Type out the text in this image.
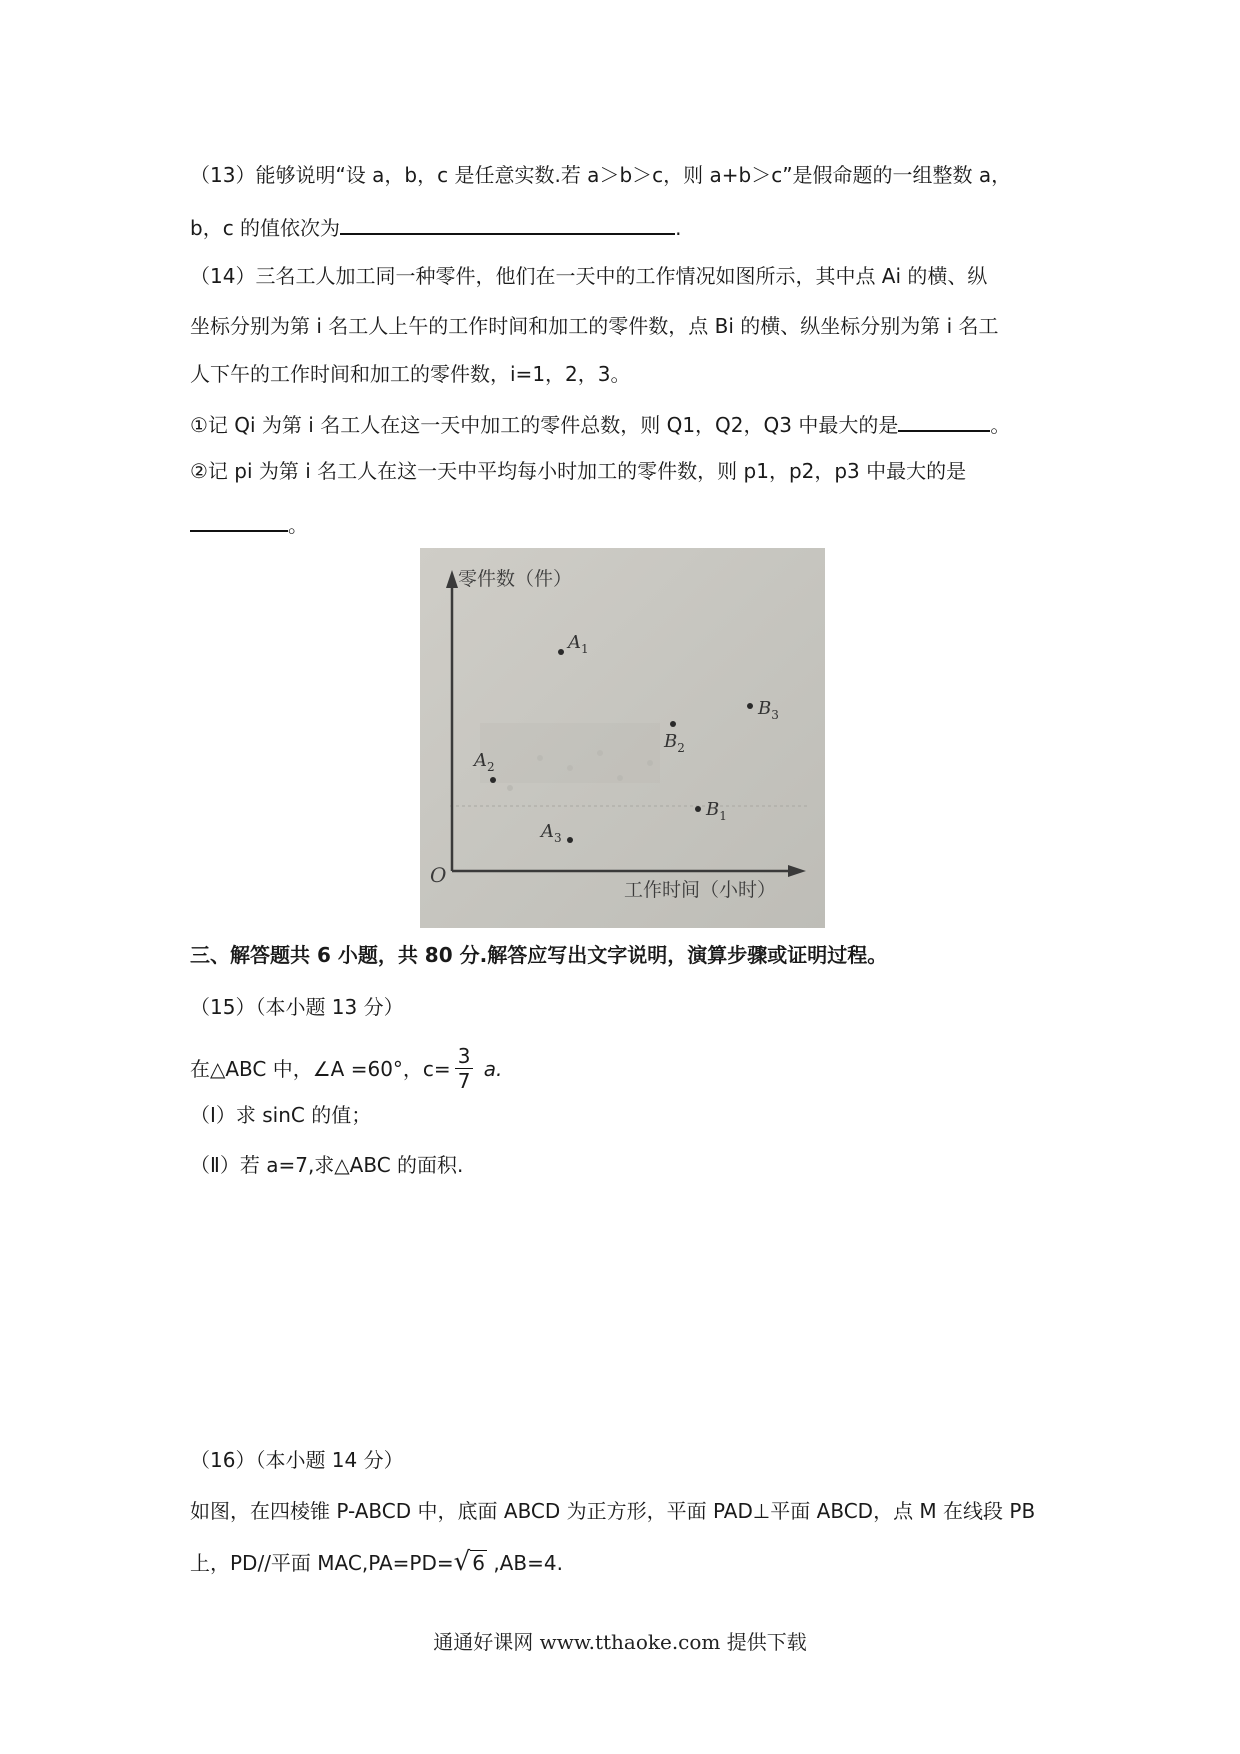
（13）能够说明“设 a，b，c 是任意实数.若 a＞b＞c，则 a+b＞c”是假命题的一组整数 a，
b，c 的值依次为	.
（14）三名工人加工同一种零件，他们在一天中的工作情况如图所示，其中点 Ai 的横、纵
坐标分别为第 i 名工人上午的工作时间和加工的零件数，点 Bi 的横、纵坐标分别为第 i 名工
人下午的工作时间和加工的零件数，i=1，2，3。
①记 Qi 为第 i 名工人在这一天中加工的零件总数，则 Q1，Q2，Q3 中最大的是	。
②记 pi 为第 i 名工人在这一天中平均每小时加工的零件数，则 p1，p2，p3 中最大的是
。
零件数（件）
工作时间（小时）
O
$A_1$
$A_2$
$A_3$
$B_1$
$B_2$
$B_3$
三、解答题共 6 小题，共 80 分.解答应写出文字说明，演算步骤或证明过程。
（15）（本小题 13 分）
在△ABC 中，∠A =60°，$c= \frac{3}{7} a$.
（Ⅰ）求 sinC 的值；
（Ⅱ）若 a=7,求△ABC 的面积.
（16）（本小题 14 分）
如图，在四棱锥 P-ABCD 中，底面 ABCD 为正方形，平面 PAD⊥平面 ABCD，点 M 在线段 PB
上，PD//平面 MAC,PA=PD=√ 6 ,AB=4.
通通好课网 www.tthaoke.com 提供下载
